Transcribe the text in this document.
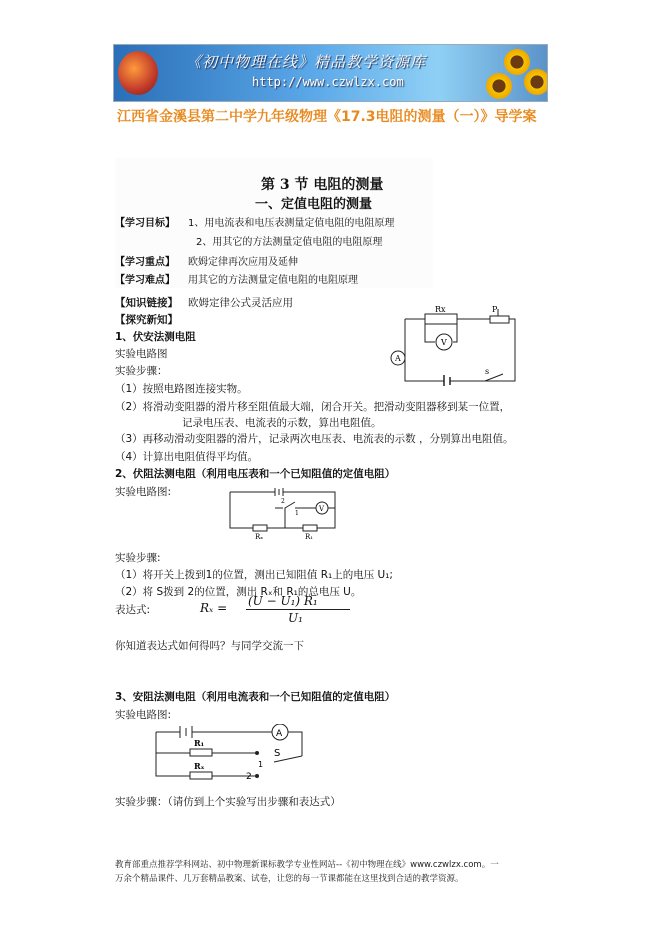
《初中物理在线》精品教学资源库
http://www.czwlzx.com
江西省金溪县第二中学九年级物理《17.3电阻的测量（一）》导学案
第 3 节 电阻的测量
一、定值电阻的测量
【学习目标】 1、用电流表和电压表测量定值电阻的电阻原理
2、用其它的方法测量定值电阻的电阻原理
【学习重点】 欧姆定律再次应用及延伸
【学习难点】 用其它的方法测量定值电阻的电阻原理
【知识链接】 欧姆定律公式灵活应用
【探究新知】
1、伏安法测电阻
实验电路图
实验步骤：
（1）按照电路图连接实物。
（2）将滑动变阻器的滑片移至阻值最大端，闭合开关。把滑动变阻器移到某一位置，
记录电压表、电流表的示数，算出电阻值。
（3）再移动滑动变阻器的滑片，记录两次电压表、电流表的示数 ，分别算出电阻值。
（4）计算出电阻值得平均值。
Rx	P
V
A
s
2、伏阻法测电阻（利用电压表和一个已知阻值的定值电阻）
实验电路图:
V
2
1
Rₓ	R₁
实验步骤:
（1）将开关上拨到1的位置，测出已知阻值 R₁上的电压 U₁;
（2）将 S拨到 2的位置，测出 Rₓ和 R₁的总电压 U。
表达式:	Rₓ = (U − U₁) R₁
U₁
你知道表达式如何得吗？与同学交流一下
3、安阻法测电阻（利用电流表和一个已知阻值的定值电阻）
实验电路图:
A
R₁
Rₓ
S
1
2
实验步骤：（请仿到上个实验写出步骤和表达式）
教育部重点推荐学科网站、初中物理新课标教学专业性网站--《初中物理在线》www.czwlzx.com。一
万余个精品课件、几万套精品教案、试卷，让您的每一节课都能在这里找到合适的教学资源。
